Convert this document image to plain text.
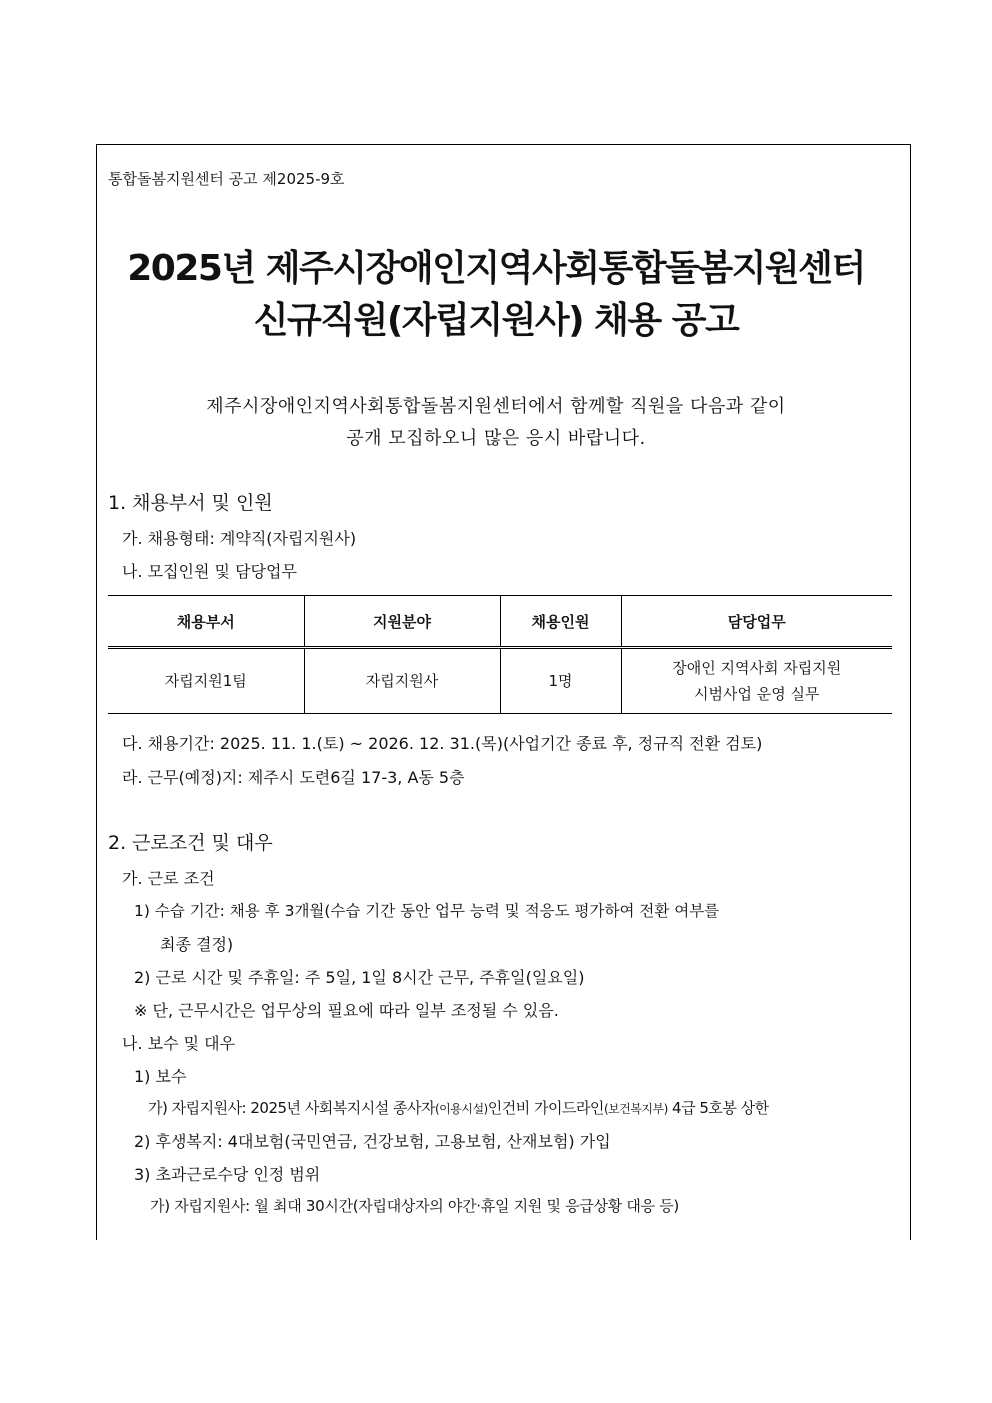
통합돌봄지원센터 공고 제2025-9호
2025년 제주시장애인지역사회통합돌봄지원센터
신규직원(자립지원사) 채용 공고
제주시장애인지역사회통합돌봄지원센터에서 함께할 직원을 다음과 같이
공개 모집하오니 많은 응시 바랍니다.
1. 채용부서 및 인원
가. 채용형태: 계약직(자립지원사)
나. 모집인원 및 담당업무
채용부서	지원분야	채용인원	담당업무
자립지원1팀	자립지원사	1명	장애인 지역사회 자립지원
시범사업 운영 실무
다. 채용기간: 2025. 11. 1.(토) ~ 2026. 12. 31.(목)(사업기간 종료 후, 정규직 전환 검토)
라. 근무(예정)지: 제주시 도련6길 17-3, A동 5층
2. 근로조건 및 대우
가. 근로 조건
1) 수습 기간: 채용 후 3개월(수습 기간 동안 업무 능력 및 적응도 평가하여 전환 여부를
최종 결정)
2) 근로 시간 및 주휴일: 주 5일, 1일 8시간 근무, 주휴일(일요일)
※ 단, 근무시간은 업무상의 필요에 따라 일부 조정될 수 있음.
나. 보수 및 대우
1) 보수
가) 자립지원사: 2025년 사회복지시설 종사자(이용시설)인건비 가이드라인(보건복지부) 4급 5호봉 상한
2) 후생복지: 4대보험(국민연금, 건강보험, 고용보험, 산재보험) 가입
3) 초과근로수당 인정 범위
가) 자립지원사: 월 최대 30시간(자립대상자의 야간·휴일 지원 및 응급상황 대응 등)
